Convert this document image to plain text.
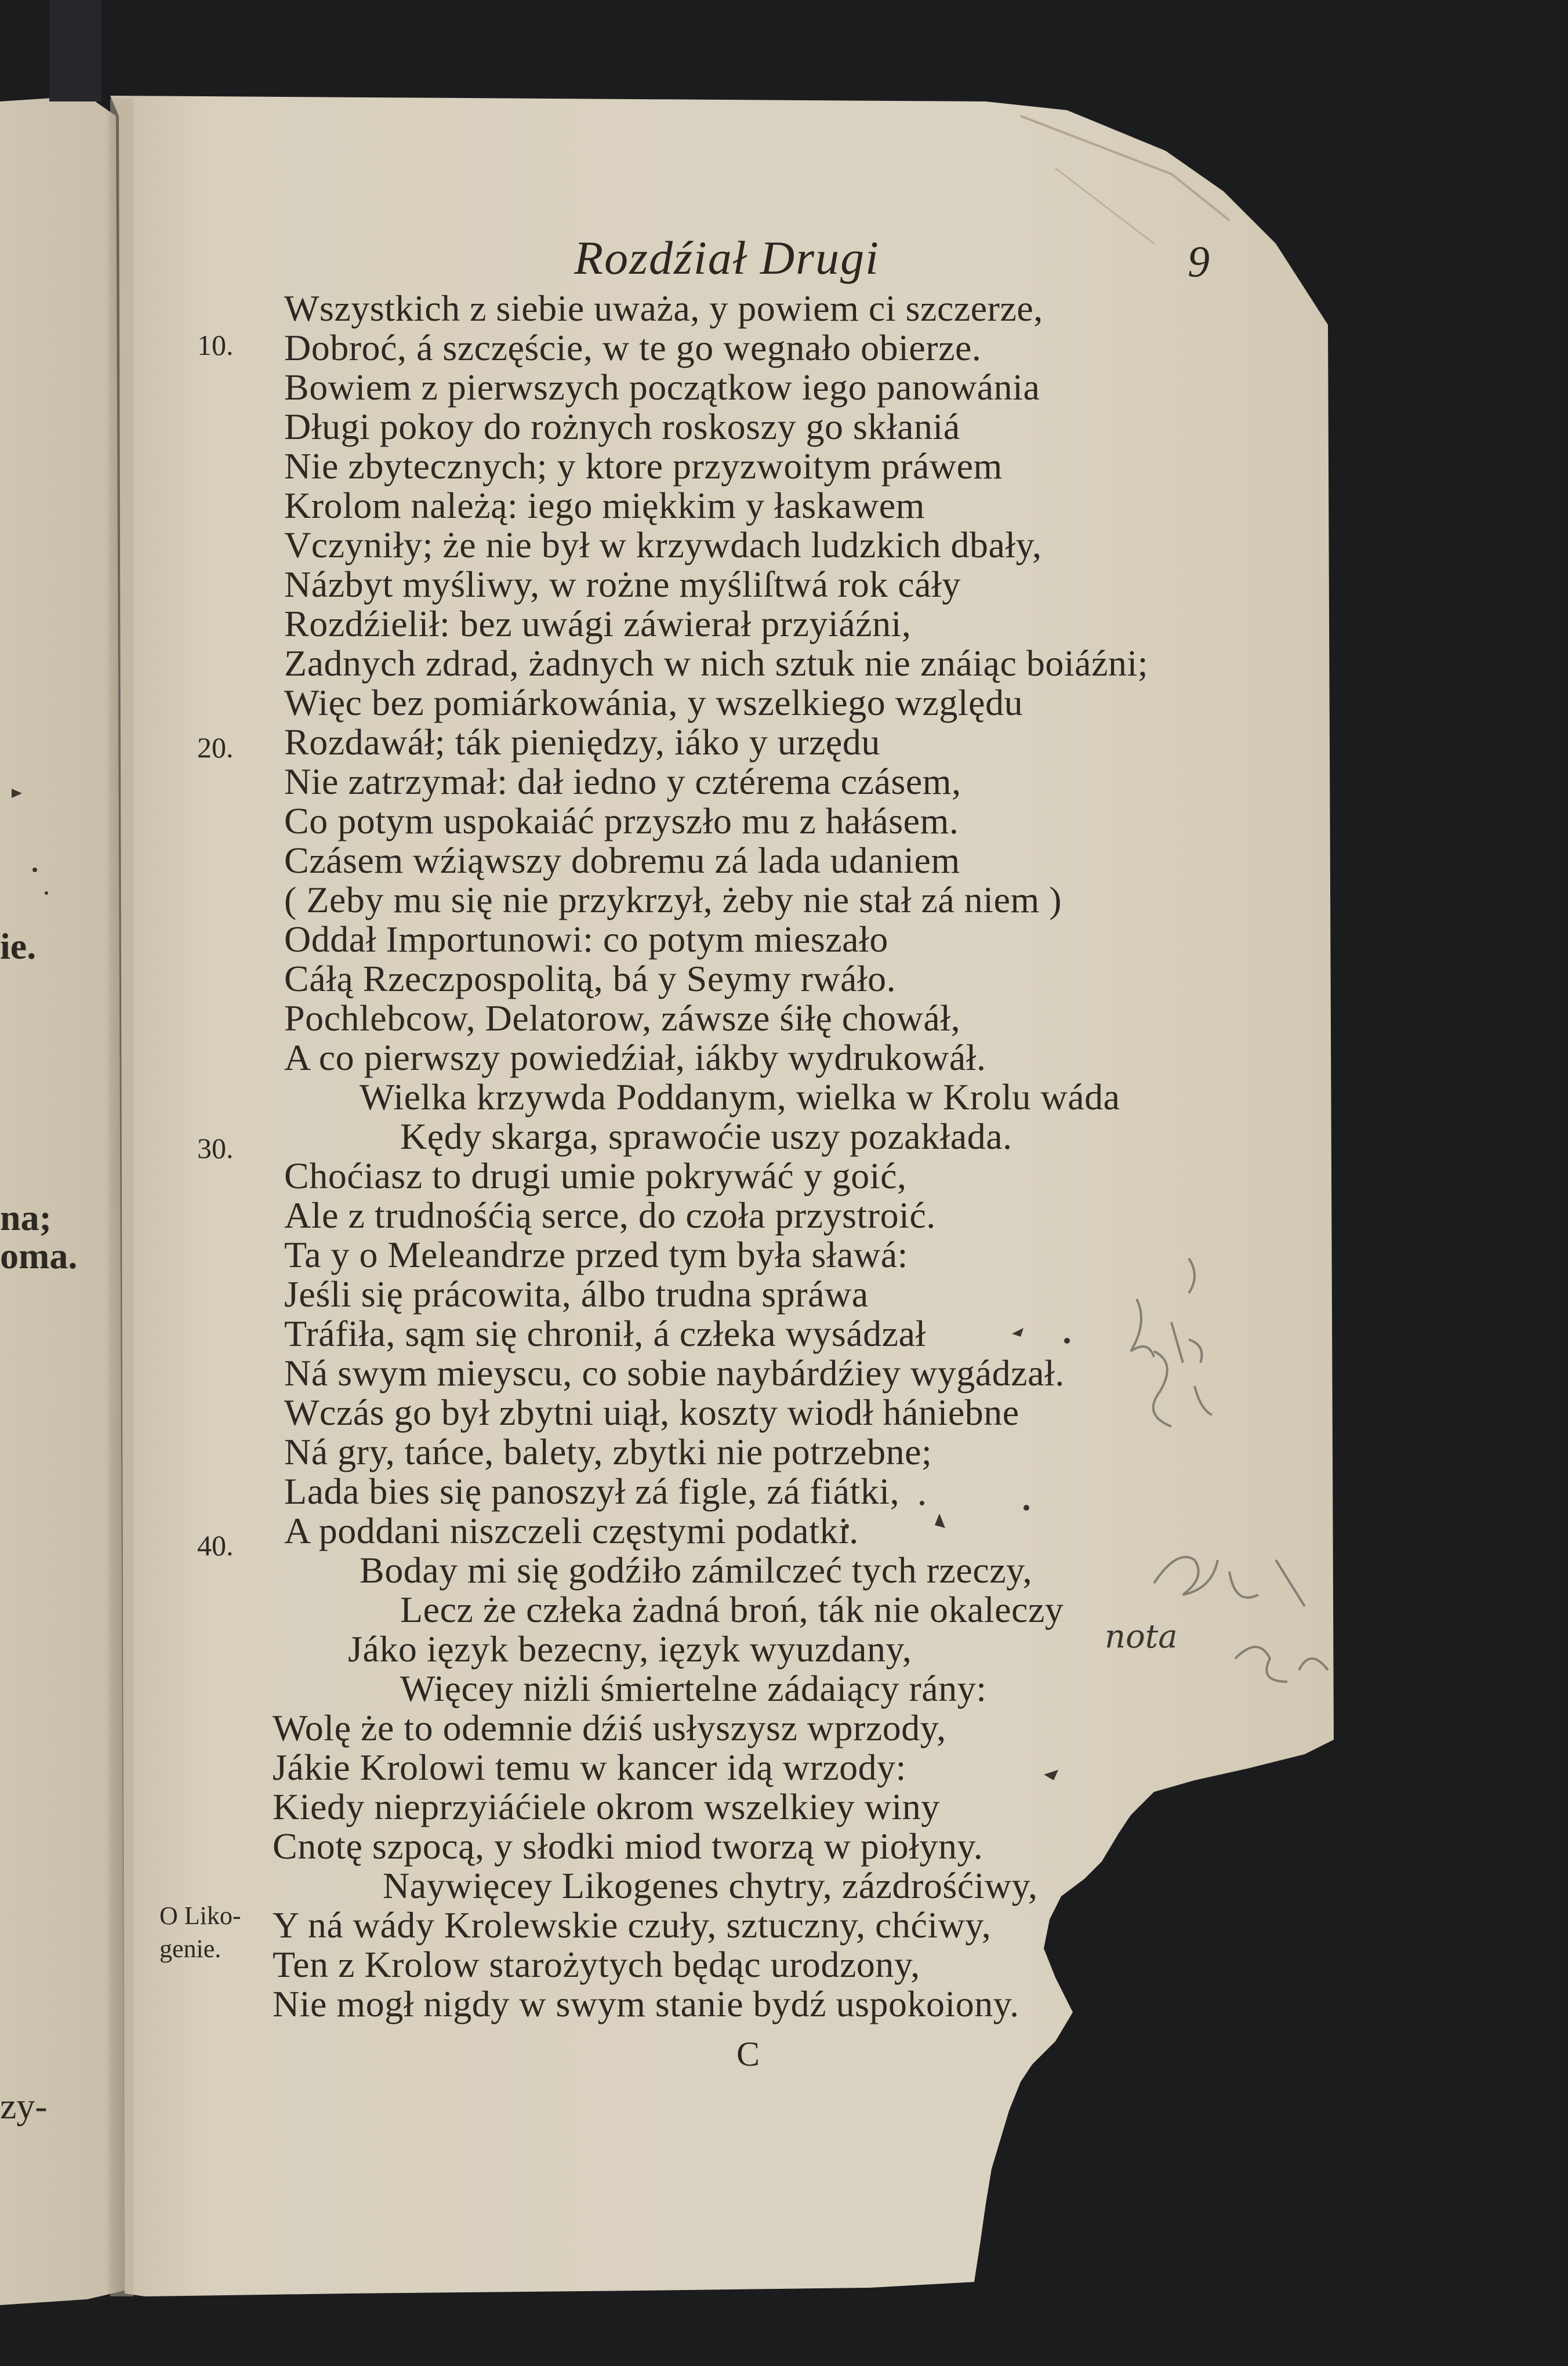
Rozdźiał Drugi	9
ie.
na;
oma.
zy-
10.
20.
30.
40.
O Liko-
genie.
Wszystkich z siebie uważa, y powiem ci szczerze,
Dobroć, á szczęście, w te go wegnało obierze.
Bowiem z pierwszych początkow iego panowánia
Długi pokoy do rożnych roskoszy go skłaniá
Nie zbytecznych; y ktore przyzwoitym práwem
Krolom należą: iego miękkim y łaskawem
Vczyniły; że nie był w krzywdach ludzkich dbały,
Názbyt myśliwy, w rożne myśliſtwá rok cáły
Rozdźielił: bez uwági záwierał przyiáźni,
Zadnych zdrad, żadnych w nich sztuk nie znáiąc boiáźni;
Więc bez pomiárkowánia, y wszelkiego względu
Rozdawáł; ták pieniędzy, iáko y urzędu
Nie zatrzymał: dał iedno y cztérema czásem,
Co potym uspokaiáć przyszło mu z hałásem.
Czásem wźiąwszy dobremu zá lada udaniem
( Zeby mu się nie przykrzył, żeby nie stał zá niem )
Oddał Importunowi: co potym mieszało
Cáłą Rzeczpospolitą, bá y Seymy rwáło.
Pochlebcow, Delatorow, záwsze śiłę chowáł,
A co pierwszy powiedźiał, iákby wydrukowáł.
Wielka krzywda Poddanym, wielka w Krolu wáda
Kędy skarga, sprawoćie uszy pozakłada.
Choćiasz to drugi umie pokrywáć y goić,
Ale z trudnośćią serce, do czoła przystroić.
Ta y o Meleandrze przed tym była sławá:
Jeśli się prácowita, álbo trudna spráwa
Tráfiła, sąm się chronił, á człeka wysádzał
Ná swym mieyscu, co sobie naybárdźiey wygádzał.
Wczás go był zbytni uiął, koszty wiodł hániebne
Ná gry, tańce, balety, zbytki nie potrzebne;
Lada bies się panoszył zá figle, zá fiátki,
A poddani niszczeli częstymi podatki.
Boday mi się godźiło zámilczeć tych rzeczy,
Lecz że człeka żadná broń, ták nie okaleczy
Jáko ięzyk bezecny, ięzyk wyuzdany,
Więcey niżli śmiertelne zádaiący rány:
Wolę że to odemnie dźiś usłyszysz wprzody,
Jákie Krolowi temu w kancer idą wrzody:
Kiedy nieprzyiáćiele okrom wszelkiey winy
Cnotę szpocą, y słodki miod tworzą w piołyny.
Naywięcey Likogenes chytry, zázdrośćiwy,
Y ná wády Krolewskie czuły, sztuczny, chćiwy,
Ten z Krolow starożytych będąc urodzony,
Nie mogł nigdy w swym stanie bydź uspokoiony.
C
nota
